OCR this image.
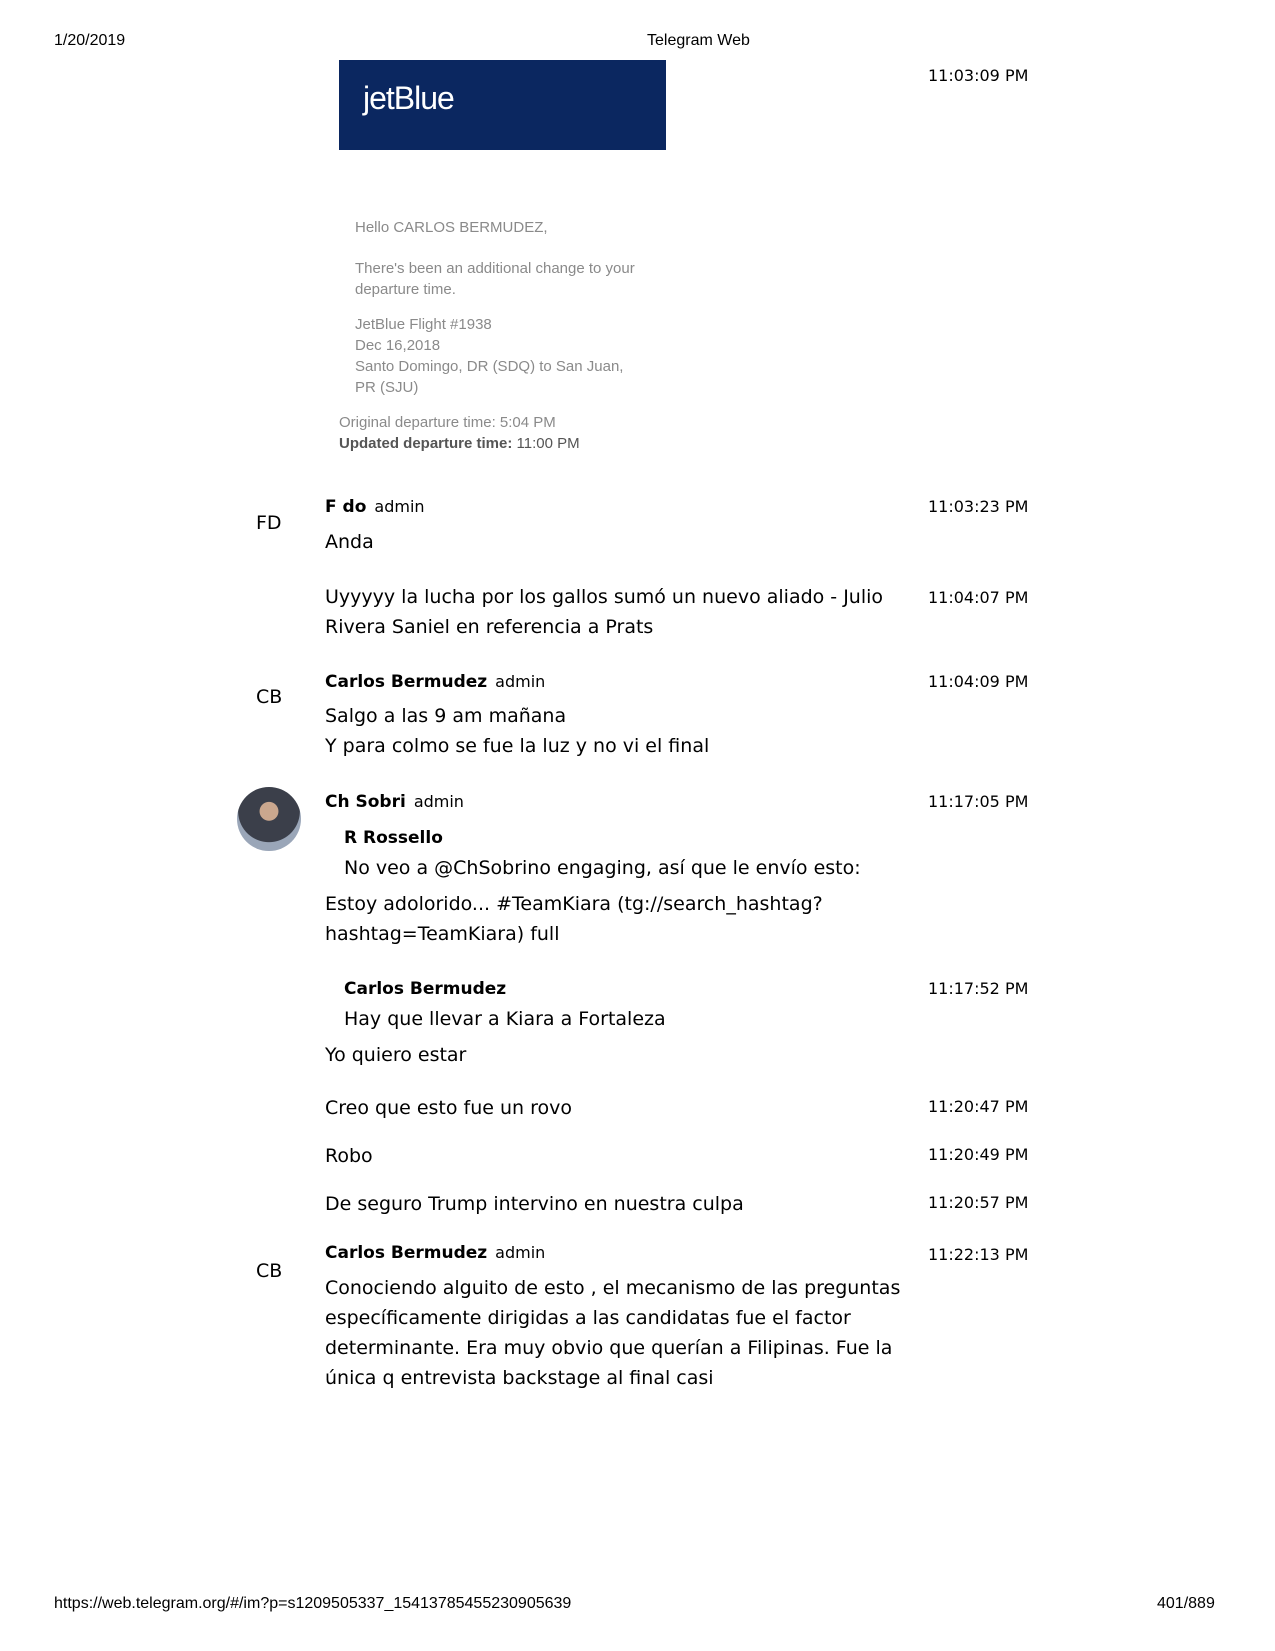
1/20/2019	Telegram Web
jetBlue
Hello CARLOS BERMUDEZ,
There's been an additional change to your
departure time.
JetBlue Flight #1938
Dec 16,2018
Santo Domingo, DR (SDQ) to San Juan,
PR (SJU)
Original departure time: 5:04 PM
Updated departure time: 11:00 PM
11:03:09 PM
FD
F do admin
Anda
11:03:23 PM
Uyyyyy la lucha por los gallos sumó un nuevo aliado - Julio
Rivera Saniel en referencia a Prats
11:04:07 PM
CB
Carlos Bermudez admin
Salgo a las 9 am mañana
Y para colmo se fue la luz y no vi el final
11:04:09 PM
Ch Sobri admin
R Rossello
No veo a @ChSobrino engaging, así que le envío esto:
Estoy adolorido... #TeamKiara (tg://search_hashtag?
hashtag=TeamKiara) full
11:17:05 PM
Carlos Bermudez
Hay que llevar a Kiara a Fortaleza
Yo quiero estar
11:17:52 PM
Creo que esto fue un rovo	11:20:47 PM
Robo	11:20:49 PM
De seguro Trump intervino en nuestra culpa	11:20:57 PM
CB
Carlos Bermudez admin
Conociendo alguito de esto , el mecanismo de las preguntas
específicamente dirigidas a las candidatas fue el factor
determinante. Era muy obvio que querían a Filipinas. Fue la
única q entrevista backstage al final casi
11:22:13 PM
https://web.telegram.org/#/im?p=s1209505337_15413785455230905639	401/889
